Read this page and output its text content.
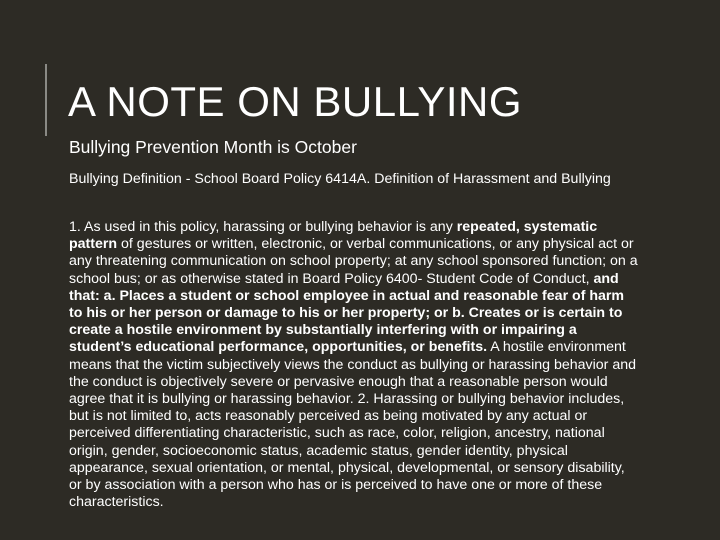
A NOTE ON BULLYING

Bullying Prevention Month is October

Bullying Definition - School Board Policy 6414A. Definition of Harassment and Bullying

1. As used in this policy, harassing or bullying behavior is any repeated, systematic pattern of gestures or written, electronic, or verbal communications, or any physical act or any threatening communication on school property; at any school sponsored function; on a school bus; or as otherwise stated in Board Policy 6400- Student Code of Conduct, and that: a. Places a student or school employee in actual and reasonable fear of harm to his or her person or damage to his or her property; or b. Creates or is certain to create a hostile environment by substantially interfering with or impairing a student’s educational performance, opportunities, or benefits. A hostile environment means that the victim subjectively views the conduct as bullying or harassing behavior and the conduct is objectively severe or pervasive enough that a reasonable person would agree that it is bullying or harassing behavior. 2. Harassing or bullying behavior includes, but is not limited to, acts reasonably perceived as being motivated by any actual or perceived differentiating characteristic, such as race, color, religion, ancestry, national origin, gender, socioeconomic status, academic status, gender identity, physical appearance, sexual orientation, or mental, physical, developmental, or sensory disability, or by association with a person who has or is perceived to have one or more of these characteristics.
